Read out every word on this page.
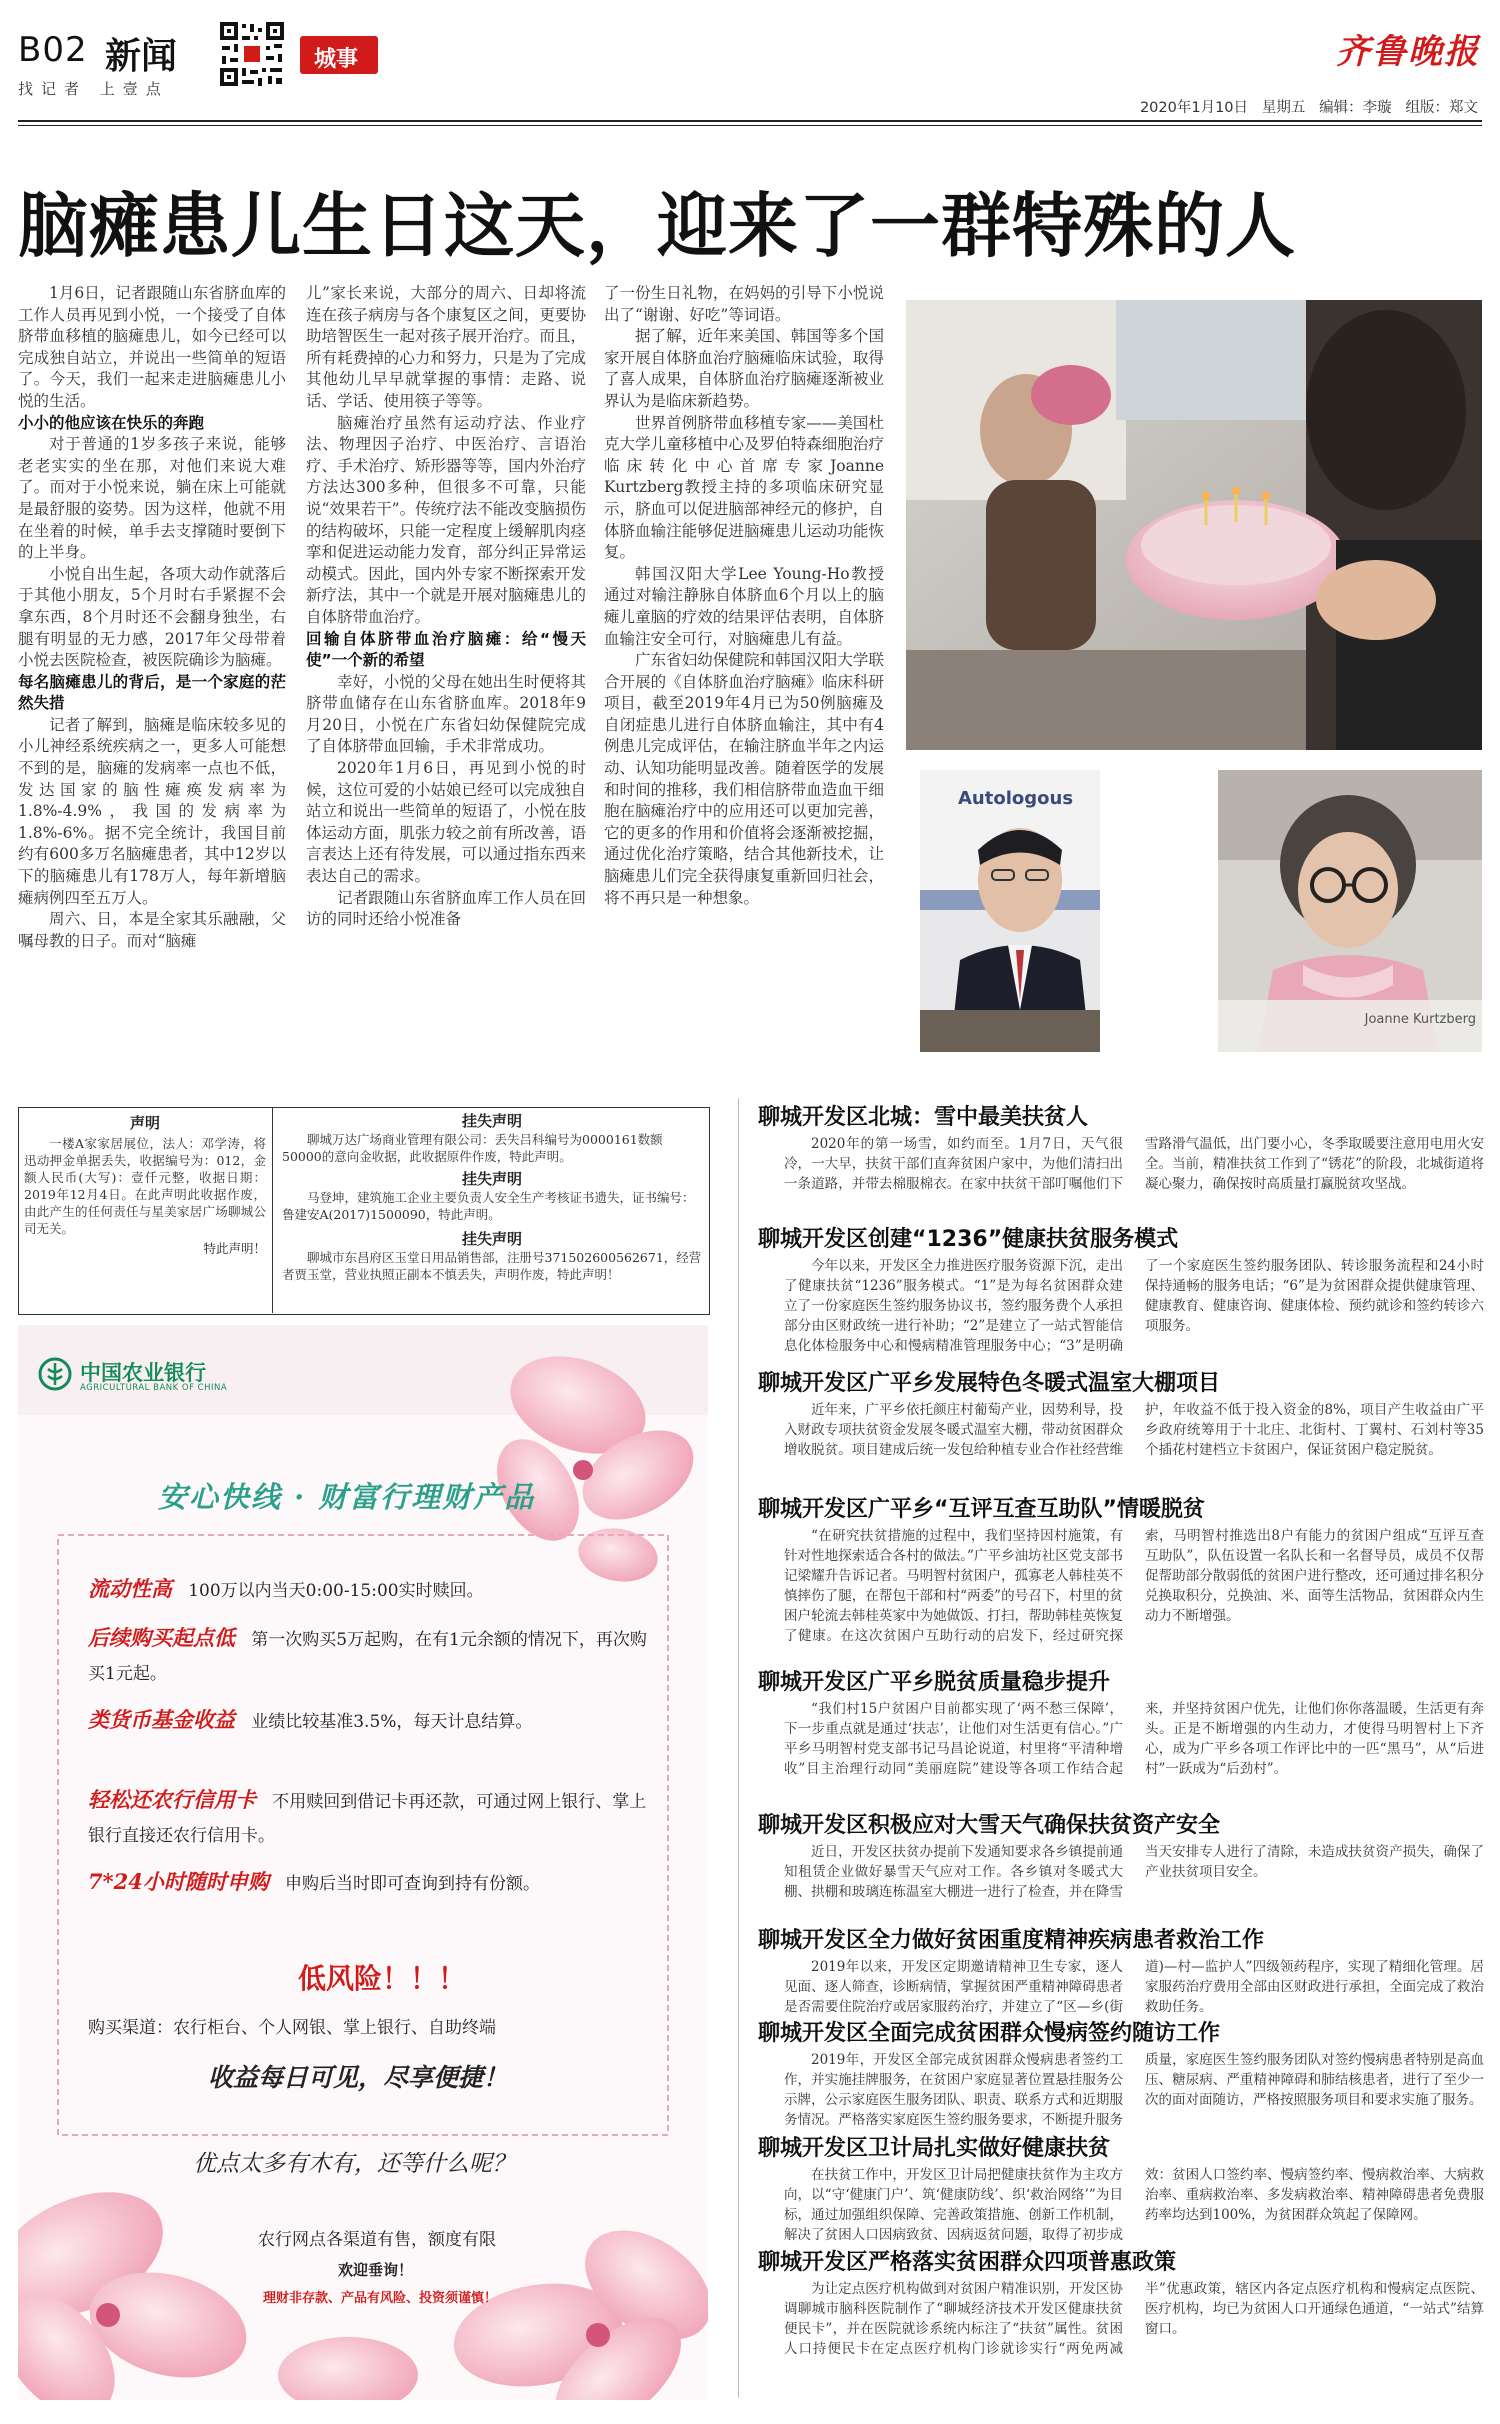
B02 新闻
找记者 上壹点
城事	齐鲁晚报
2020年1月10日 星期五 编辑：李璇 组版：郑文
脑瘫患儿生日这天，迎来了一群特殊的人

1月6日，记者跟随山东省脐血库的工作人员再见到小悦，一个接受了自体脐带血移植的脑瘫患儿，如今已经可以完成独自站立，并说出一些简单的短语了。今天，我们一起来走进脑瘫患儿小悦的生活。

小小的他应该在快乐的奔跑

对于普通的1岁多孩子来说，能够老老实实的坐在那，对他们来说大难了。而对于小悦来说，躺在床上可能就是最舒服的姿势。因为这样，他就不用在坐着的时候，单手去支撑随时要倒下的上半身。

小悦自出生起，各项大动作就落后于其他小朋友，5个月时右手紧握不会拿东西，8个月时还不会翻身独坐，右腿有明显的无力感，2017年父母带着小悦去医院检查，被医院确诊为脑瘫。

每名脑瘫患儿的背后，是一个家庭的茫然失措

记者了解到，脑瘫是临床较多见的小儿神经系统疾病之一，更多人可能想不到的是，脑瘫的发病率一点也不低，发达国家的脑性瘫痪发病率为1.8%-4.9%，我国的发病率为1.8%-6%。据不完全统计，我国目前约有600多万名脑瘫患者，其中12岁以下的脑瘫患儿有178万人，每年新增脑瘫病例四至五万人。

周六、日，本是全家其乐融融，父嘱母教的日子。而对“脑瘫

儿”家长来说，大部分的周六、日却将流连在孩子病房与各个康复区之间，更要协助培智医生一起对孩子展开治疗。而且，所有耗费掉的心力和努力，只是为了完成其他幼儿早早就掌握的事情：走路、说话、学话、使用筷子等等。

脑瘫治疗虽然有运动疗法、作业疗法、物理因子治疗、中医治疗、言语治疗、手术治疗、矫形器等等，国内外治疗方法达300多种，但很多不可靠，只能说“效果若干”。传统疗法不能改变脑损伤的结构破坏，只能一定程度上缓解肌肉痉挛和促进运动能力发育，部分纠正异常运动模式。因此，国内外专家不断探索开发新疗法，其中一个就是开展对脑瘫患儿的自体脐带血治疗。

回输自体脐带血治疗脑瘫：给“慢天使”一个新的希望

幸好，小悦的父母在她出生时便将其脐带血储存在山东省脐血库。2018年9月20日，小悦在广东省妇幼保健院完成了自体脐带血回输，手术非常成功。

2020年1月6日，再见到小悦的时候，这位可爱的小姑娘已经可以完成独自站立和说出一些简单的短语了，小悦在肢体运动方面，肌张力较之前有所改善，语言表达上还有待发展，可以通过指东西来表达自己的需求。

记者跟随山东省脐血库工作人员在回访的同时还给小悦准备

了一份生日礼物，在妈妈的引导下小悦说出了“谢谢、好吃”等词语。

据了解，近年来美国、韩国等多个国家开展自体脐血治疗脑瘫临床试验，取得了喜人成果，自体脐血治疗脑瘫逐渐被业界认为是临床新趋势。

世界首例脐带血移植专家——美国杜克大学儿童移植中心及罗伯特森细胞治疗临床转化中心首席专家Joanne Kurtzberg教授主持的多项临床研究显示，脐血可以促进脑部神经元的修护，自体脐血输注能够促进脑瘫患儿运动功能恢复。

韩国汉阳大学Lee Young-Ho教授通过对输注静脉自体脐血6个月以上的脑瘫儿童脑的疗效的结果评估表明，自体脐血输注安全可行，对脑瘫患儿有益。

广东省妇幼保健院和韩国汉阳大学联合开展的《自体脐血治疗脑瘫》临床科研项目，截至2019年4月已为50例脑瘫及自闭症患儿进行自体脐血输注，其中有4例患儿完成评估，在输注脐血半年之内运动、认知功能明显改善。随着医学的发展和时间的推移，我们相信脐带血造血干细胞在脑瘫治疗中的应用还可以更加完善，它的更多的作用和价值将会逐渐被挖掘，通过优化治疗策略，结合其他新技术，让脑瘫患儿们完全获得康复重新回归社会，将不再只是一种想象。

Autologous
Joanne Kurtzberg
声明
一楼A家家居展位，法人：邓学涛，将迅动押金单据丢失，收据编号为：012，金额人民币(大写)：壹仟元整，收据日期：2019年12月4日。在此声明此收据作废，由此产生的任何责任与星美家居广场聊城公司无关。
特此声明！
挂失声明
聊城万达广场商业管理有限公司：丢失吕科编号为0000161数额50000的意向金收据，此收据原件作废，特此声明。
挂失声明
马登坤，建筑施工企业主要负责人安全生产考核证书遗失，证书编号：鲁建安A(2017)1500090，特此声明。
挂失声明
聊城市东昌府区玉堂日用品销售部，注册号371502600562671，经营者贾玉堂，营业执照正副本不慎丢失，声明作废，特此声明！
中国农业银行
AGRICULTURAL BANK OF CHINA
安心快线 · 财富行理财产品
流动性高 100万以内当天0:00-15:00实时赎回。
后续购买起点低 第一次购买5万起购，在有1元余额的情况下，再次购买1元起。
类货币基金收益 业绩比较基准3.5%，每天计息结算。
轻松还农行信用卡 不用赎回到借记卡再还款，可通过网上银行、掌上银行直接还农行信用卡。
7*24小时随时申购 申购后当时即可查询到持有份额。
低风险！！！
购买渠道：农行柜台、个人网银、掌上银行、自助终端
收益每日可见，尽享便捷！
优点太多有木有，还等什么呢？
农行网点各渠道有售，额度有限
欢迎垂询！
理财非存款、产品有风险、投资须谨慎！
聊城开发区北城：雪中最美扶贫人

2020年的第一场雪，如约而至。1月7日，天气很冷，一大早，扶贫干部们直奔贫困户家中，为他们清扫出一条道路，并带去棉服棉衣。在家中扶贫干部叮嘱他们下雪路滑气温低，出门要小心，冬季取暖要注意用电用火安全。当前，精准扶贫工作到了“锈花”的阶段，北城街道将凝心聚力，确保按时高质量打赢脱贫攻坚战。

聊城开发区创建“1236”健康扶贫服务模式

今年以来，开发区全力推进医疗服务资源下沉，走出了健康扶贫“1236”服务模式。“1”是为每名贫困群众建立了一份家庭医生签约服务协议书，签约服务费个人承担部分由区财政统一进行补助；“2”是建立了一站式智能信息化体检服务中心和慢病精准管理服务中心；“3”是明确了一个家庭医生签约服务团队、转诊服务流程和24小时保持通畅的服务电话；“6”是为贫困群众提供健康管理、健康教育、健康咨询、健康体检、预约就诊和签约转诊六项服务。

聊城开发区广平乡发展特色冬暖式温室大棚项目

近年来，广平乡依托颜庄村葡萄产业，因势利导，投入财政专项扶贫资金发展冬暖式温室大棚，带动贫困群众增收脱贫。项目建成后统一发包给种植专业合作社经营维护，年收益不低于投入资金的8%，项目产生收益由广平乡政府统筹用于十北庄、北街村、丁翼村、石刘村等35个插花村建档立卡贫困户，保证贫困户稳定脱贫。

聊城开发区广平乡“互评互查互助队”情暖脱贫

“在研究扶贫措施的过程中，我们坚持因村施策，有针对性地探索适合各村的做法。”广平乡油坊社区党支部书记梁耀升告诉记者。马明智村贫困户，孤寡老人韩桂英不慎摔伤了腿，在帮包干部和村“两委”的号召下，村里的贫困户轮流去韩桂英家中为她做饭、打扫，帮助韩桂英恢复了健康。在这次贫困户互助行动的启发下，经过研究探索，马明智村推选出8户有能力的贫困户组成“互评互查互助队”，队伍设置一名队长和一名督导员，成员不仅帮促帮助部分散弱低的贫困户进行整改，还可通过排名积分兑换取积分，兑换油、米、面等生活物品，贫困群众内生动力不断增强。

聊城开发区广平乡脱贫质量稳步提升

“我们村15户贫困户目前都实现了‘两不愁三保障’，下一步重点就是通过‘扶志’，让他们对生活更有信心。”广平乡马明智村党支部书记马昌论说道，村里将“平清种增收”目主治理行动同“美丽庭院”建设等各项工作结合起来，并坚持贫困户优先，让他们你你落温暖，生活更有奔头。正是不断增强的内生动力，才使得马明智村上下齐心，成为广平乡各项工作评比中的一匹“黑马”，从“后进村”一跃成为“后劲村”。

聊城开发区积极应对大雪天气确保扶贫资产安全

近日，开发区扶贫办提前下发通知要求各乡镇提前通知租赁企业做好暴雪天气应对工作。各乡镇对冬暖式大棚、拱棚和玻璃连栋温室大棚进一进行了检查，并在降雪当天安排专人进行了清除，未造成扶贫资产损失，确保了产业扶贫项目安全。

聊城开发区全力做好贫困重度精神疾病患者救治工作

2019年以来，开发区定期邀请精神卫生专家，逐人见面、逐人筛查，诊断病情，掌握贫困严重精神障碍患者是否需要住院治疗或居家服药治疗，并建立了“区—乡(街道)—村—监护人”四级领药程序，实现了精细化管理。居家服药治疗费用全部由区财政进行承担，全面完成了救治救助任务。

聊城开发区全面完成贫困群众慢病签约随访工作

2019年，开发区全部完成贫困群众慢病患者签约工作，并实施挂牌服务，在贫困户家庭显著位置悬挂服务公示牌，公示家庭医生服务团队、职责、联系方式和近期服务情况。严格落实家庭医生签约服务要求，不断提升服务质量，家庭医生签约服务团队对签约慢病患者特别是高血压、糖尿病、严重精神障碍和肺结核患者，进行了至少一次的面对面随访，严格按照服务项目和要求实施了服务。

聊城开发区卫计局扎实做好健康扶贫

在扶贫工作中，开发区卫计局把健康扶贫作为主攻方向，以“守‘健康门户’、筑‘健康防线’、织‘救治网络’”为目标，通过加强组织保障、完善政策措施、创新工作机制，解决了贫困人口因病致贫、因病返贫问题，取得了初步成效：贫困人口签约率、慢病签约率、慢病救治率、大病救治率、重病救治率、多发病救治率、精神障碍患者免费服药率均达到100%，为贫困群众筑起了保障网。

聊城开发区严格落实贫困群众四项普惠政策

为让定点医疗机构做到对贫困户精准识别，开发区协调聊城市脑科医院制作了“聊城经济技术开发区健康扶贫便民卡”，并在医院就诊系统内标注了“扶贫”属性。贫困人口持便民卡在定点医疗机构门诊就诊实行“两免两减半”优惠政策，辖区内各定点医疗机构和慢病定点医院、医疗机构，均已为贫困人口开通绿色通道，“一站式”结算窗口。
